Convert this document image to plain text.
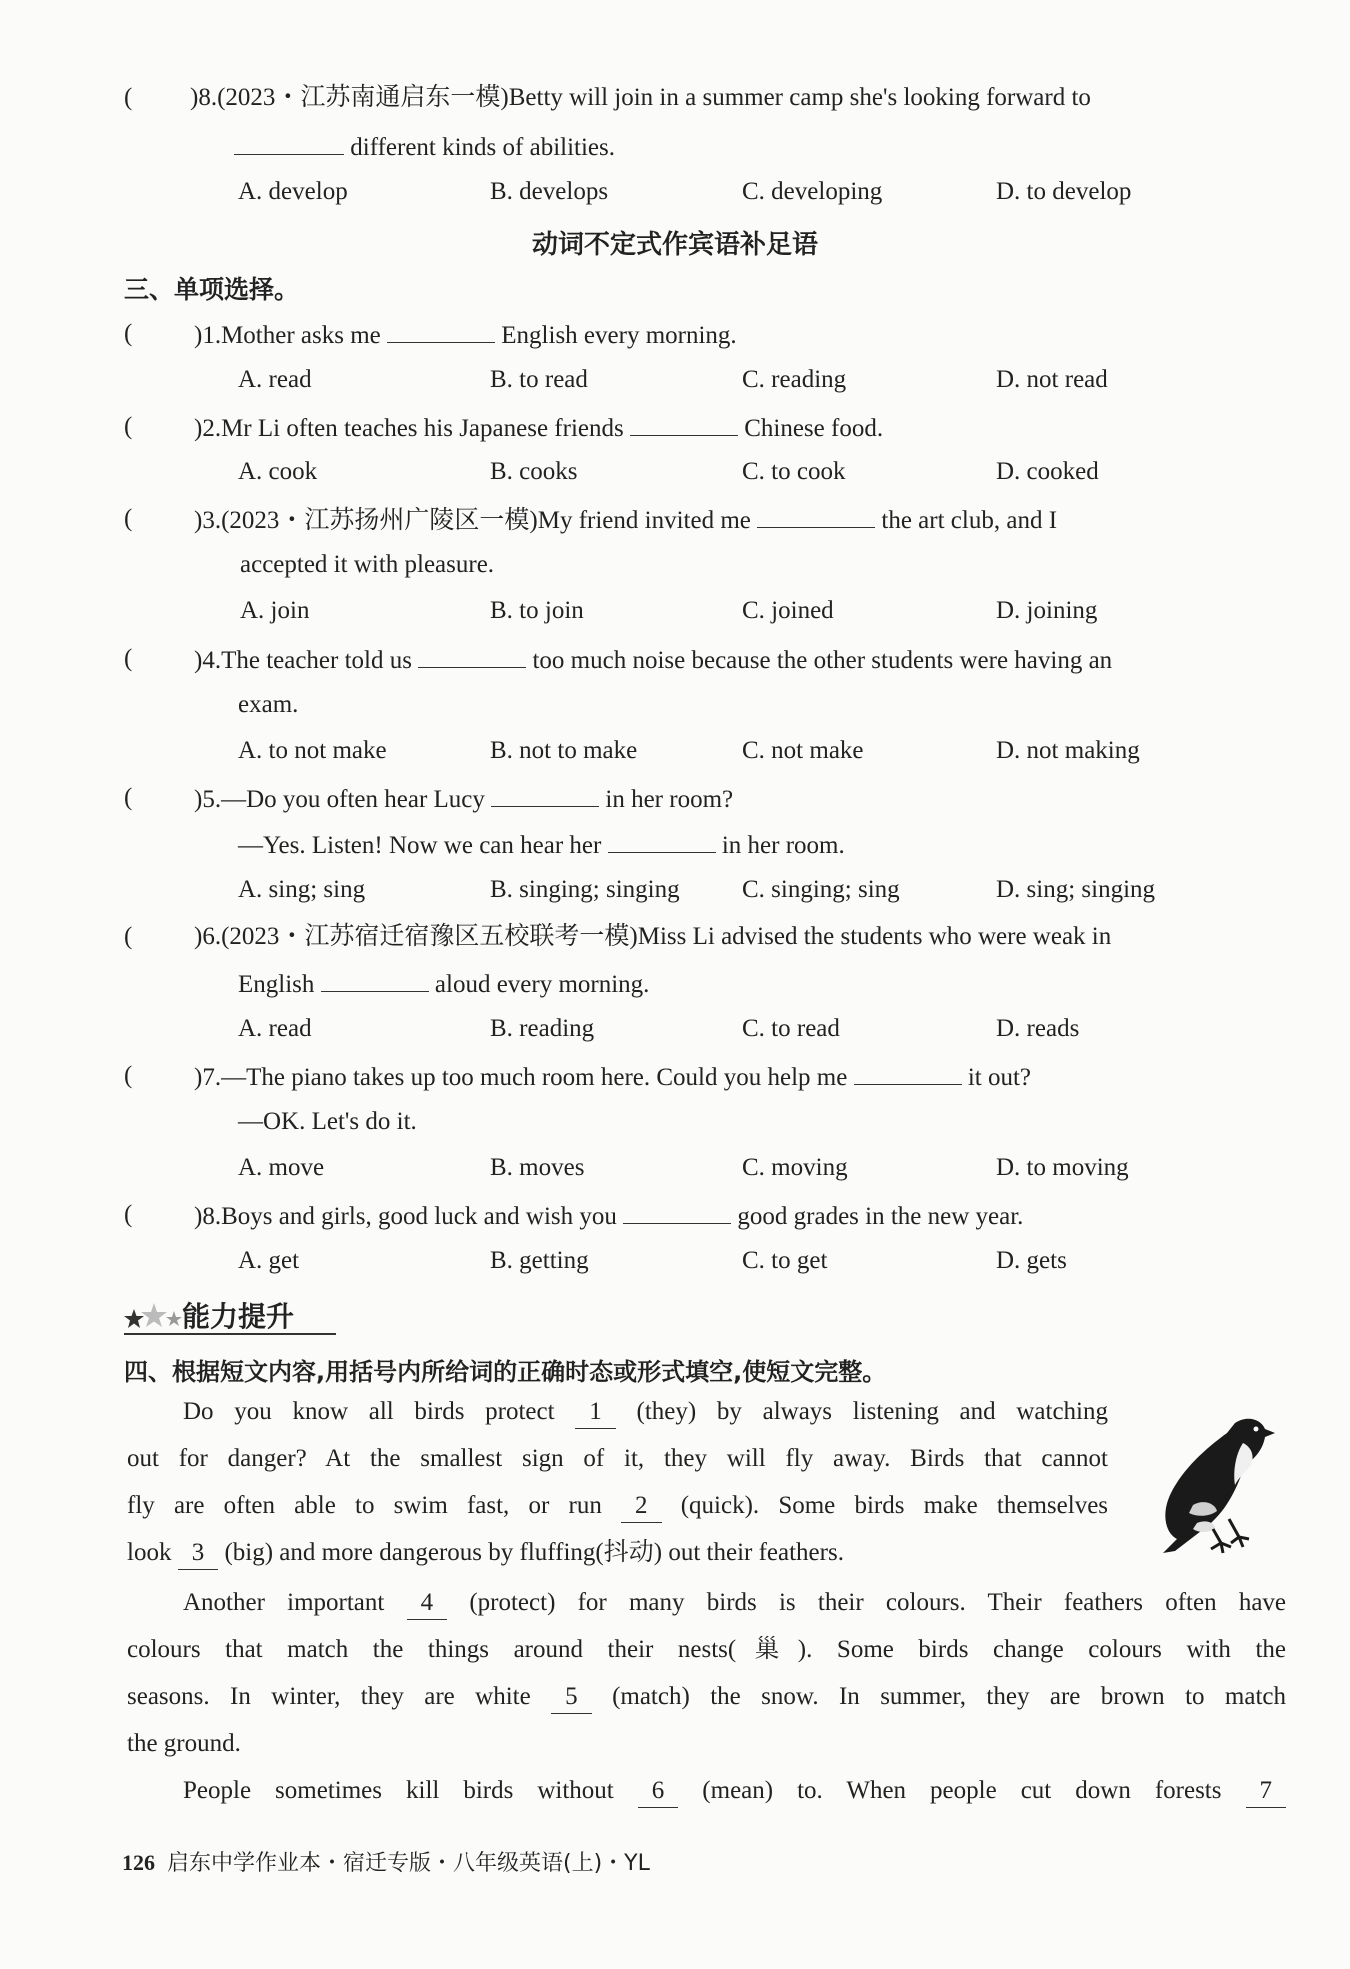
( )8.(2023・江苏南通启东一模)Betty will join in a summer camp she's looking forward to
different kinds of abilities.
A. develop	B. develops	C. developing	D. to develop
动词不定式作宾语补足语
三、单项选择。
( )1.Mother asks me	English every morning.
A. read	B. to read	C. reading	D. not read
( )2.Mr Li often teaches his Japanese friends	Chinese food.
A. cook	B. cooks	C. to cook	D. cooked
( )3.(2023・江苏扬州广陵区一模)My friend invited me	the art club, and I
accepted it with pleasure.
A. join	B. to join	C. joined	D. joining
( )4.The teacher told us	too much noise because the other students were having an
exam.
A. to not make	B. not to make	C. not make	D. not making
( )5.—Do you often hear Lucy	in her room?
—Yes. Listen! Now we can hear her	in her room.
A. sing; sing	B. singing; singing C. singing; sing	D. sing; singing
( )6.(2023・江苏宿迁宿豫区五校联考一模)Miss Li advised the students who were weak in
English	aloud every morning.
A. read	B. reading	C. to read	D. reads
( )7.—The piano takes up too much room here. Could you help me	it out?
—OK. Let's do it.
A. move	B. moves	C. moving	D. to moving
( )8.Boys and girls, good luck and wish you	good grades in the new year.
A. get	B. getting	C. to get	D. gets
能力提升
四、根据短文内容,用括号内所给词的正确时态或形式填空,使短文完整。
Do you know all birds protect 1 (they) by always listening and watching
out for danger? At the smallest sign of it, they will fly away. Birds that cannot
fly are often able to swim fast, or run 2 (quick). Some birds make themselves
look 3 (big) and more dangerous by fluffing(抖动) out their feathers.
Another important 4 (protect) for many birds is their colours. Their feathers often have
colours that match the things around their nests(巢). Some birds change colours with the
seasons. In winter, they are white 5 (match) the snow. In summer, they are brown to match
the ground.
People sometimes kill birds without 6 (mean) to. When people cut down forests 7
126 启东中学作业本・宿迁专版・八年级英语(上)・YL
